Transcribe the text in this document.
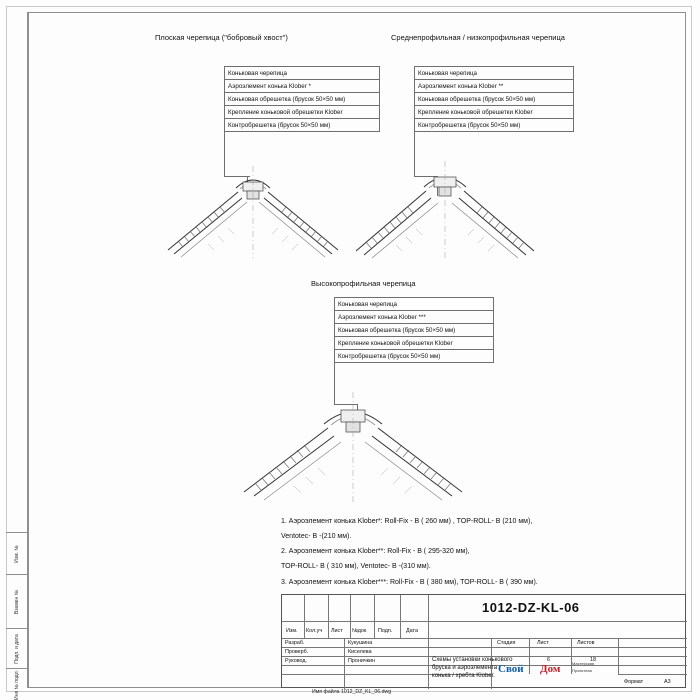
Изм. №
Взамен №
Подп. и дата
Инв № подл.
Плоская черепица ("бобровый хвост")	Среднепрофильная / низкопрофильная черепица
Высокопрофильная черепица
Коньковая черепица
Аэроэлемент конька Klober *
Коньковая обрешетка (брусок 50×50 мм)
Крепление коньковой обрешетки Klober
Контробрешетка (брусок 50×50 мм)
Коньковая черепица
Аэроэлемент конька Klober **
Коньковая обрешетка (брусок 50×50 мм)
Крепление коньковой обрешетки Klober
Контробрешетка (брусок 50×50 мм)
Коньковая черепица
Аэроэлемент конька Klober ***
Коньковая обрешетка (брусок 50×50 мм)
Крепление коньковой обрешетки Klober
Контробрешетка (брусок 50×50 мм)
1. Аэроэлемент конька Klober*: Roll-Fix - B ( 260 мм) , TOP-ROLL- B (210 мм),
Ventotec- B -(210 мм).
2. Аэроэлемент конька Klober**: Roll-Fix - B ( 295-320 мм),
TOP-ROLL- B ( 310 мм), Ventotec- B -(310 мм).
3. Аэроэлемент конька Klober***: Roll-Fix - B ( 380 мм), TOP-ROLL- B ( 390 мм).
1012-DZ-KL-06
Изм. Кол.уч Лист №док Подп.	Дата
Разраб.	Кукушина
Проверб.	Киселева
Руковод.	Проничкин	Схемы установки конькового
бруска и аэроэлемента
конька / хребта Klober.
Стадия	Лист	Листов
6	18
Свой Дом	Мастерская
Проектная
Формат	А3
Имя файла 1012_DZ_KL_06.dwg
